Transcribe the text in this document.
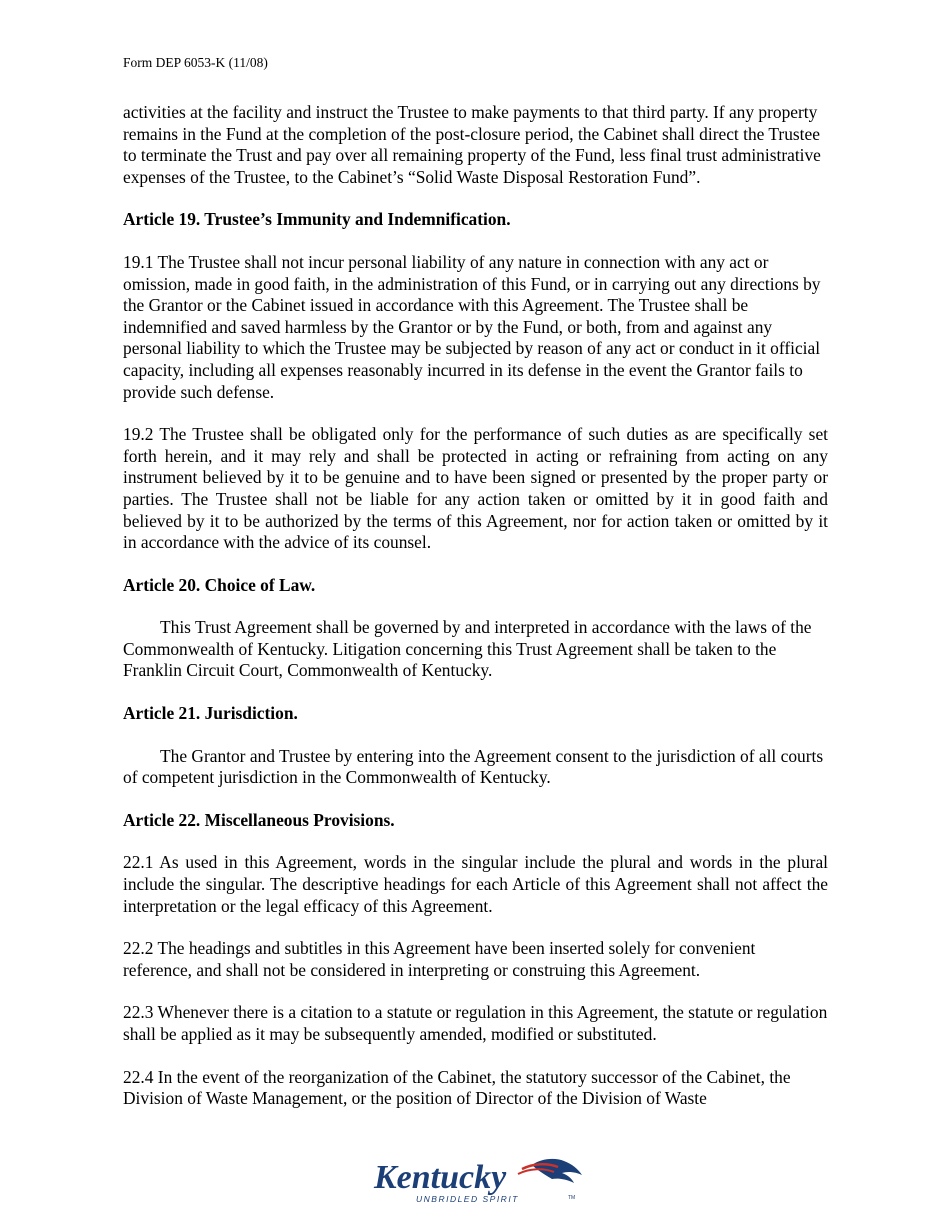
Form DEP 6053-K (11/08)

activities at the facility and instruct the Trustee to make payments to that third party. If any property remains in the Fund at the completion of the post-closure period, the Cabinet shall direct the Trustee to terminate the Trust and pay over all remaining property of the Fund, less final trust administrative expenses of the Trustee, to the Cabinet’s “Solid Waste Disposal Restoration Fund”.

Article 19. Trustee’s Immunity and Indemnification.

19.1 The Trustee shall not incur personal liability of any nature in connection with any act or omission, made in good faith, in the administration of this Fund, or in carrying out any directions by the Grantor or the Cabinet issued in accordance with this Agreement. The Trustee shall be indemnified and saved harmless by the Grantor or by the Fund, or both, from and against any personal liability to which the Trustee may be subjected by reason of any act or conduct in it official capacity, including all expenses reasonably incurred in its defense in the event the Grantor fails to provide such defense.

19.2 The Trustee shall be obligated only for the performance of such duties as are specifically set forth herein, and it may rely and shall be protected in acting or refraining from acting on any instrument believed by it to be genuine and to have been signed or presented by the proper party or parties. The Trustee shall not be liable for any action taken or omitted by it in good faith and believed by it to be authorized by the terms of this Agreement, nor for action taken or omitted by it in accordance with the advice of its counsel.

Article 20. Choice of Law.

This Trust Agreement shall be governed by and interpreted in accordance with the laws of the Commonwealth of Kentucky. Litigation concerning this Trust Agreement shall be taken to the Franklin Circuit Court, Commonwealth of Kentucky.

Article 21. Jurisdiction.

The Grantor and Trustee by entering into the Agreement consent to the jurisdiction of all courts of competent jurisdiction in the Commonwealth of Kentucky.

Article 22. Miscellaneous Provisions.

22.1 As used in this Agreement, words in the singular include the plural and words in the plural include the singular. The descriptive headings for each Article of this Agreement shall not affect the interpretation or the legal efficacy of this Agreement.

22.2 The headings and subtitles in this Agreement have been inserted solely for convenient reference, and shall not be considered in interpreting or construing this Agreement.

22.3 Whenever there is a citation to a statute or regulation in this Agreement, the statute or regulation shall be applied as it may be subsequently amended, modified or substituted.

22.4 In the event of the reorganization of the Cabinet, the statutory successor of the Cabinet, the Division of Waste Management, or the position of Director of the Division of Waste

Kentucky
UNBRIDLED SPIRIT	TM
